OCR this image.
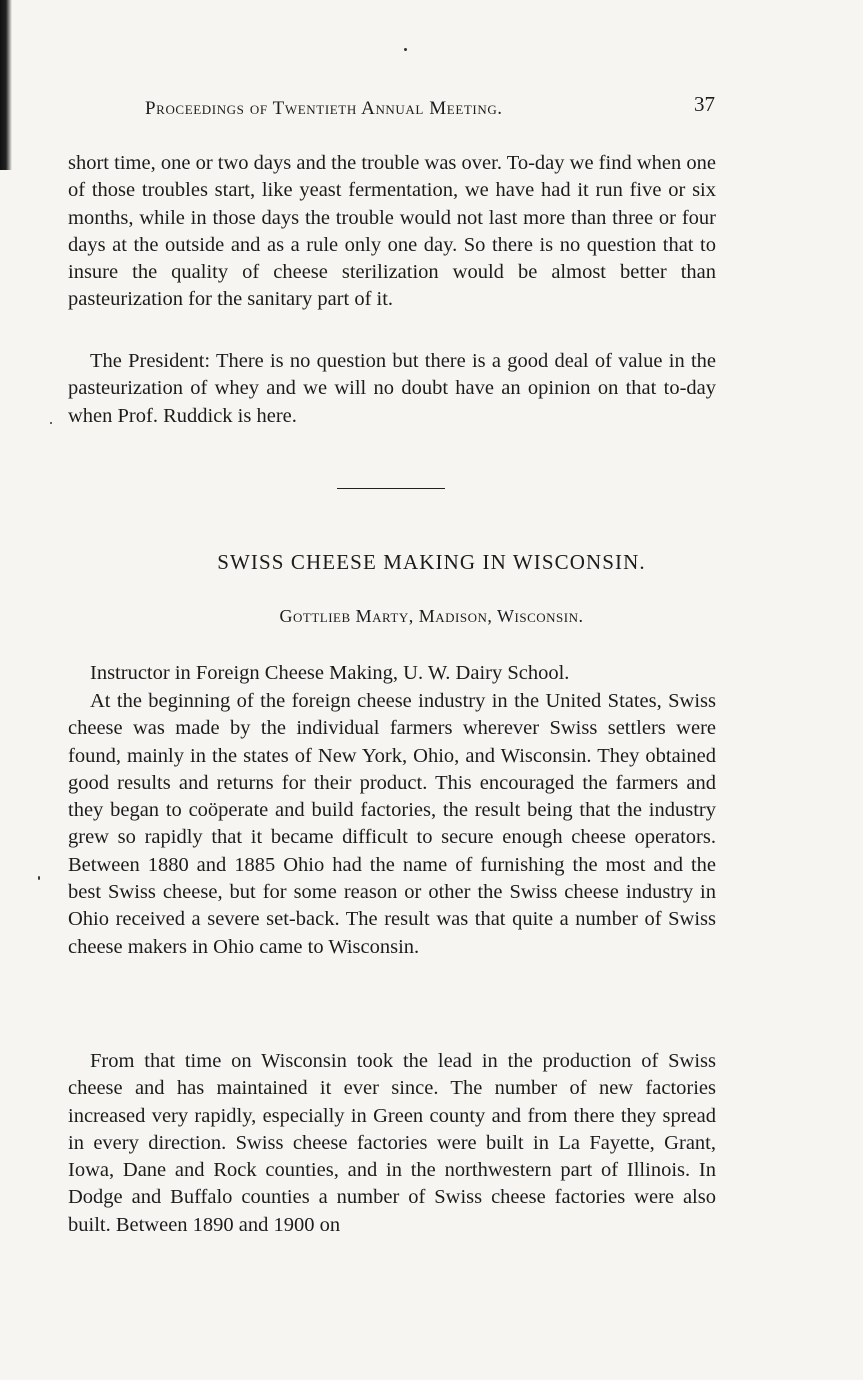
Proceedings of Twentieth Annual Meeting.	37

short time, one or two days and the trouble was over. To-day we find when one of those troubles start, like yeast fermentation, we have had it run five or six months, while in those days the trouble would not last more than three or four days at the outside and as a rule only one day. So there is no question that to insure the quality of cheese sterilization would be almost better than pasteurization for the sanitary part of it.

The President: There is no question but there is a good deal of value in the pasteurization of whey and we will no doubt have an opinion on that to-day when Prof. Ruddick is here.

SWISS CHEESE MAKING IN WISCONSIN.

Gottlieb Marty, Madison, Wisconsin.

Instructor in Foreign Cheese Making, U. W. Dairy School.

At the beginning of the foreign cheese industry in the United States, Swiss cheese was made by the individual farmers wherever Swiss settlers were found, mainly in the states of New York, Ohio, and Wisconsin. They obtained good results and returns for their product. This encouraged the farmers and they began to coöperate and build factories, the result being that the industry grew so rapidly that it became difficult to secure enough cheese operators. Between 1880 and 1885 Ohio had the name of furnishing the most and the best Swiss cheese, but for some reason or other the Swiss cheese industry in Ohio received a severe set-back. The result was that quite a number of Swiss cheese makers in Ohio came to Wisconsin.

From that time on Wisconsin took the lead in the production of Swiss cheese and has maintained it ever since. The number of new factories increased very rapidly, especially in Green county and from there they spread in every direction. Swiss cheese factories were built in La Fayette, Grant, Iowa, Dane and Rock counties, and in the northwestern part of Illinois. In Dodge and Buffalo counties a number of Swiss cheese factories were also built. Between 1890 and 1900 on
